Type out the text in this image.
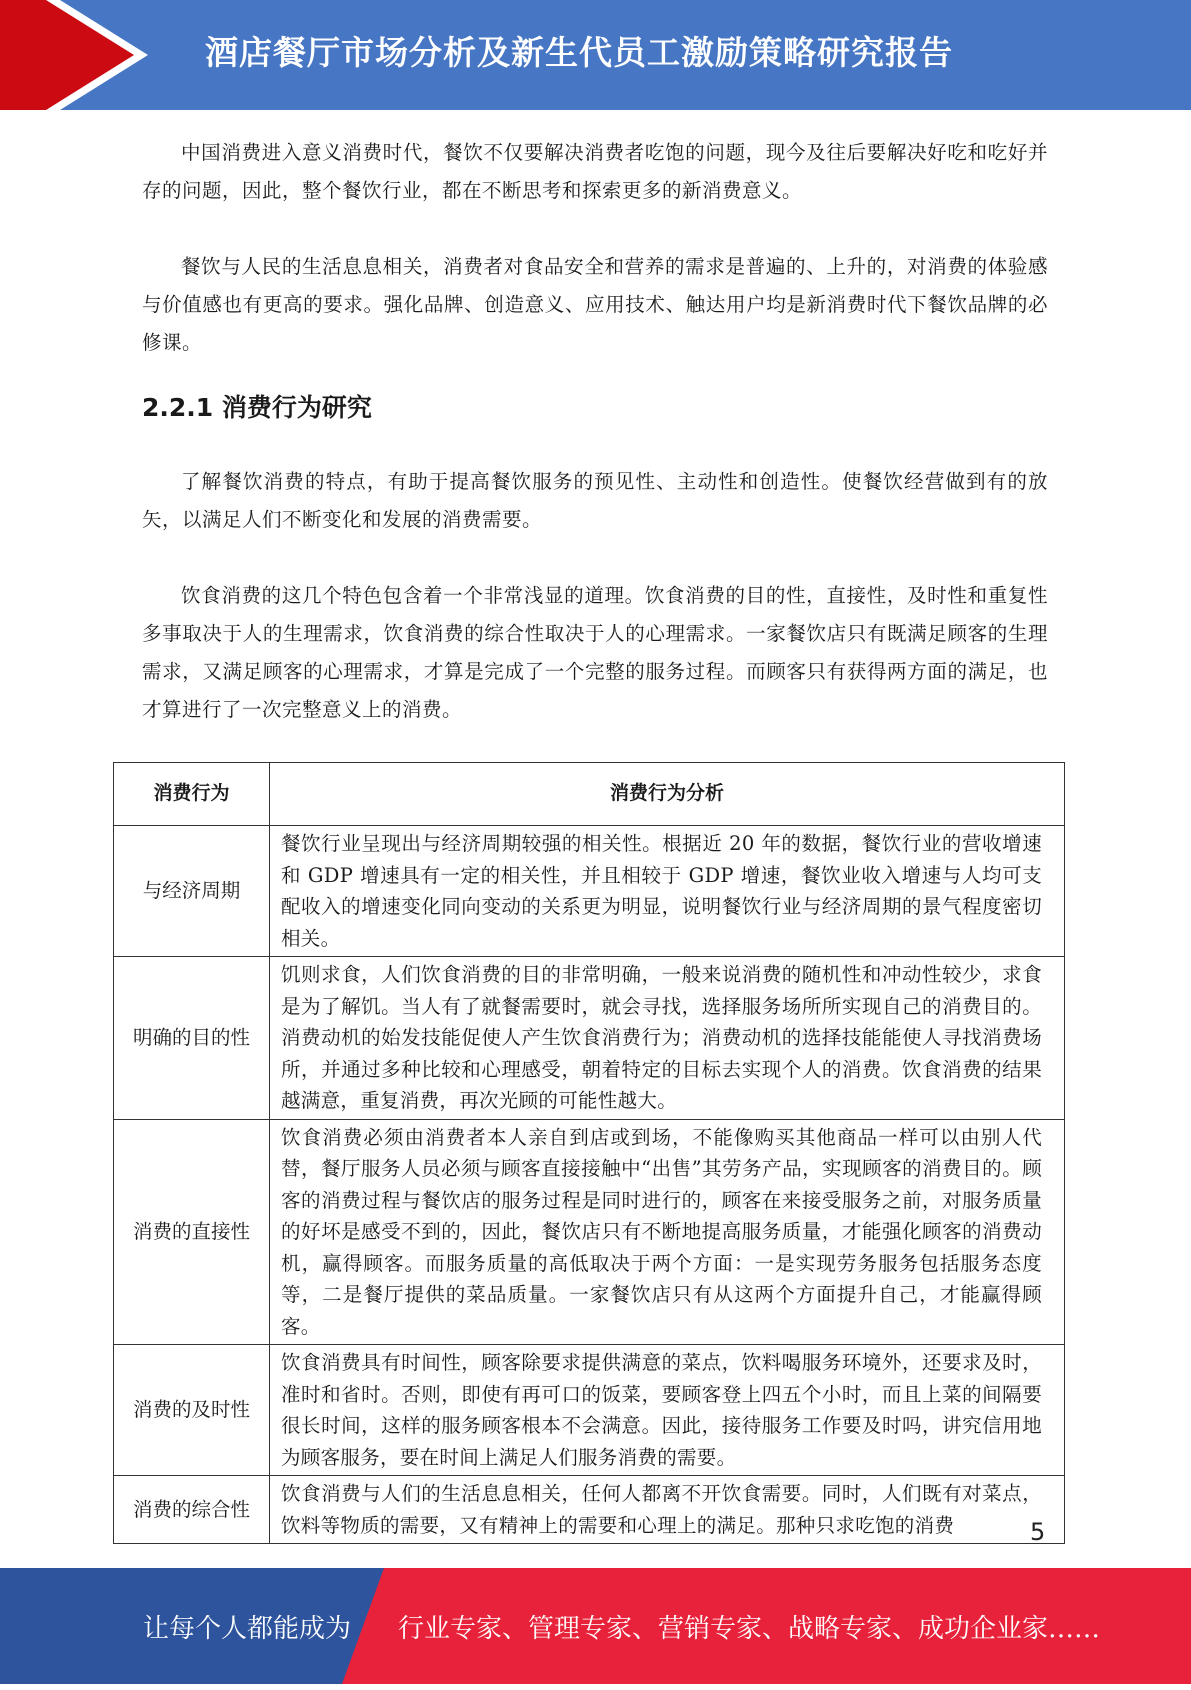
酒店餐厅市场分析及新生代员工激励策略研究报告

中国消费进入意义消费时代，餐饮不仅要解决消费者吃饱的问题，现今及往后要解决好吃和吃好并存的问题，因此，整个餐饮行业，都在不断思考和探索更多的新消费意义。

餐饮与人民的生活息息相关，消费者对食品安全和营养的需求是普遍的、上升的，对消费的体验感与价值感也有更高的要求。强化品牌、创造意义、应用技术、触达用户均是新消费时代下餐饮品牌的必修课。

2.2.1 消费行为研究

了解餐饮消费的特点，有助于提高餐饮服务的预见性、主动性和创造性。使餐饮经营做到有的放矢，以满足人们不断变化和发展的消费需要。

饮食消费的这几个特色包含着一个非常浅显的道理。饮食消费的目的性，直接性，及时性和重复性多事取决于人的生理需求，饮食消费的综合性取决于人的心理需求。一家餐饮店只有既满足顾客的生理需求，又满足顾客的心理需求，才算是完成了一个完整的服务过程。而顾客只有获得两方面的满足，也才算进行了一次完整意义上的消费。

消费行为	消费行为分析
与经济周期	餐饮行业呈现出与经济周期较强的相关性。根据近 20 年的数据，餐饮行业的营收增速和 GDP 增速具有一定的相关性，并且相较于 GDP 增速，餐饮业收入增速与人均可支配收入的增速变化同向变动的关系更为明显，说明餐饮行业与经济周期的景气程度密切相关。
明确的目的性	饥则求食，人们饮食消费的目的非常明确，一般来说消费的随机性和冲动性较少，求食是为了解饥。当人有了就餐需要时，就会寻找，选择服务场所所实现自己的消费目的。消费动机的始发技能促使人产生饮食消费行为；消费动机的选择技能能使人寻找消费场所，并通过多种比较和心理感受，朝着特定的目标去实现个人的消费。饮食消费的结果越满意，重复消费，再次光顾的可能性越大。
消费的直接性	饮食消费必须由消费者本人亲自到店或到场，不能像购买其他商品一样可以由别人代替，餐厅服务人员必须与顾客直接接触中“出售”其劳务产品，实现顾客的消费目的。顾客的消费过程与餐饮店的服务过程是同时进行的，顾客在来接受服务之前，对服务质量的好坏是感受不到的，因此，餐饮店只有不断地提高服务质量，才能强化顾客的消费动机，赢得顾客。而服务质量的高低取决于两个方面：一是实现劳务服务包括服务态度等，二是餐厅提供的菜品质量。一家餐饮店只有从这两个方面提升自己，才能赢得顾客。
消费的及时性	饮食消费具有时间性，顾客除要求提供满意的菜点，饮料喝服务环境外，还要求及时，准时和省时。否则，即使有再可口的饭菜，要顾客登上四五个小时，而且上菜的间隔要很长时间，这样的服务顾客根本不会满意。因此，接待服务工作要及时吗，讲究信用地为顾客服务，要在时间上满足人们服务消费的需要。
消费的综合性	饮食消费与人们的生活息息相关，任何人都离不开饮食需要。同时，人们既有对菜点，饮料等物质的需要，又有精神上的需要和心理上的满足。那种只求吃饱的消费	5
让每个人都能成为 行业专家、管理专家、营销专家、战略专家、成功企业家……
